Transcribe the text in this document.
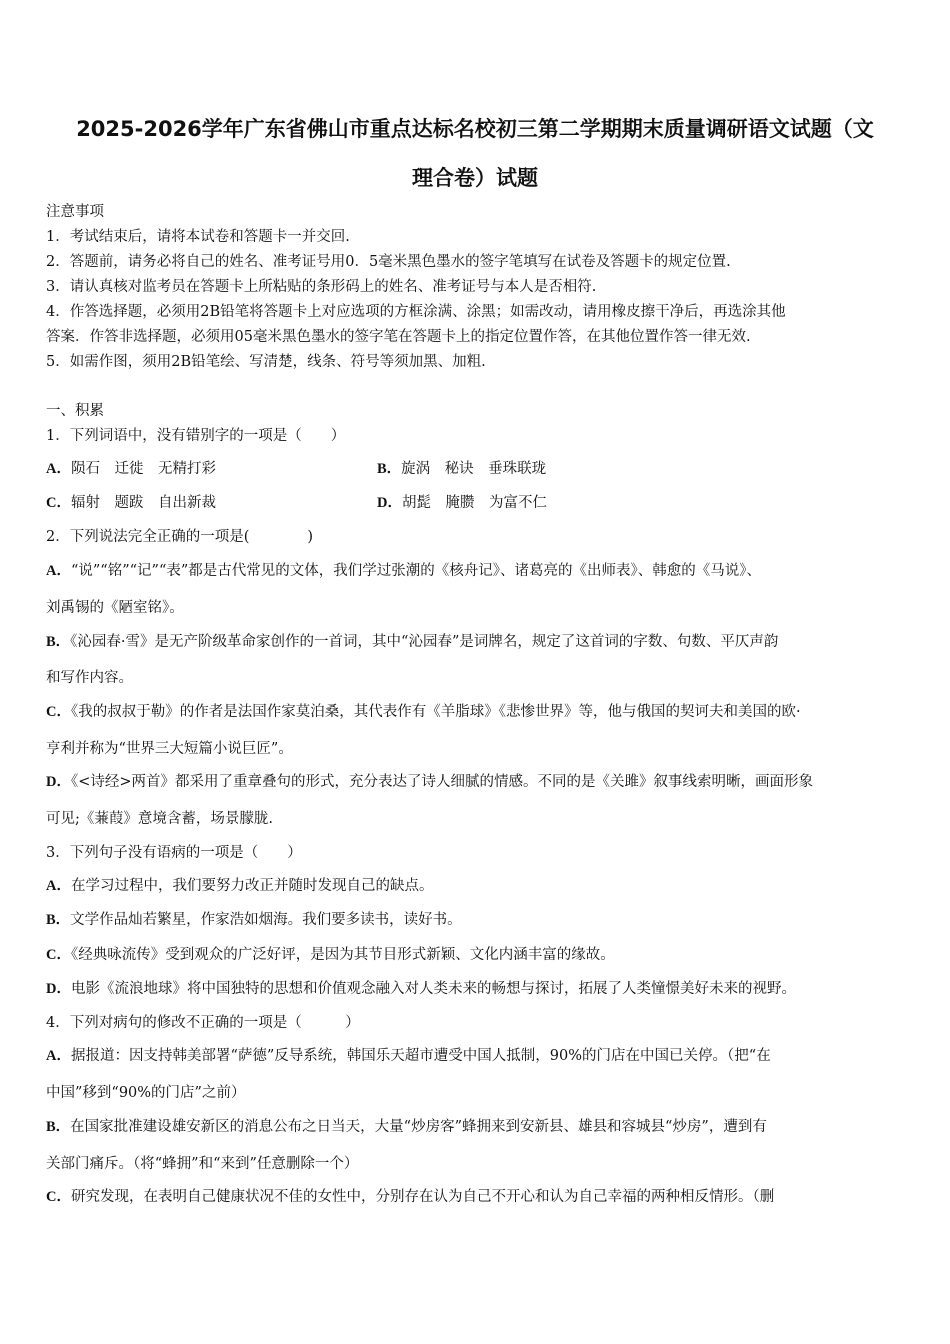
2025-2026学年广东省佛山市重点达标名校初三第二学期期末质量调研语文试题（文
理合卷）试题
注意事项
1．考试结束后，请将本试卷和答题卡一并交回.
2．答题前，请务必将自己的姓名、准考证号用0．5毫米黑色墨水的签字笔填写在试卷及答题卡的规定位置.
3．请认真核对监考员在答题卡上所粘贴的条形码上的姓名、准考证号与本人是否相符.
4．作答选择题，必须用2B铅笔将答题卡上对应选项的方框涂满、涂黑；如需改动，请用橡皮擦干净后，再选涂其他
答案．作答非选择题，必须用05毫米黑色墨水的签字笔在答题卡上的指定位置作答，在其他位置作答一律无效.
5．如需作图，须用2B铅笔绘、写清楚，线条、符号等须加黑、加粗.
一、积累
1．下列词语中，没有错别字的一项是（　　）
A．陨石　迁徙　无精打彩	B．旋涡　秘诀　垂珠联珑
C．辐射　题跋　自出新裁	D．胡髭　腌臜　为富不仁
2．下列说法完全正确的一项是(　　　　)
A．“说”“铭”“记”“表”都是古代常见的文体，我们学过张潮的《核舟记》、诸葛亮的《出师表》、韩愈的《马说》、
刘禹锡的《陋室铭》。
B．《沁园春·雪》是无产阶级革命家创作的一首词，其中“沁园春”是词牌名，规定了这首词的字数、句数、平仄声韵
和写作内容。
C．《我的叔叔于勒》的作者是法国作家莫泊桑，其代表作有《羊脂球》《悲惨世界》等，他与俄国的契诃夫和美国的欧·
亨利并称为“世界三大短篇小说巨匠”。
D．《<诗经>两首》都采用了重章叠句的形式，充分表达了诗人细腻的情感。不同的是《关雎》叙事线索明晰，画面形象
可见;《蒹葭》意境含蓄，场景朦胧.
3．下列句子没有语病的一项是（　　）
A．在学习过程中，我们要努力改正并随时发现自己的缺点。
B．文学作品灿若繁星，作家浩如烟海。我们要多读书，读好书。
C．《经典咏流传》受到观众的广泛好评，是因为其节目形式新颖、文化内涵丰富的缘故。
D．电影《流浪地球》将中国独特的思想和价值观念融入对人类未来的畅想与探讨，拓展了人类憧憬美好未来的视野。
4．下列对病句的修改不正确的一项是（　　　）
A．据报道：因支持韩美部署“萨德”反导系统，韩国乐天超市遭受中国人抵制，90%的门店在中国已关停。（把“在
中国”移到“90%的门店”之前）
B．在国家批准建设雄安新区的消息公布之日当天，大量“炒房客”蜂拥来到安新县、雄县和容城县“炒房”，遭到有
关部门痛斥。（将“蜂拥”和“来到”任意删除一个）
C．研究发现，在表明自己健康状况不佳的女性中，分别存在认为自己不开心和认为自己幸福的两种相反情形。（删
